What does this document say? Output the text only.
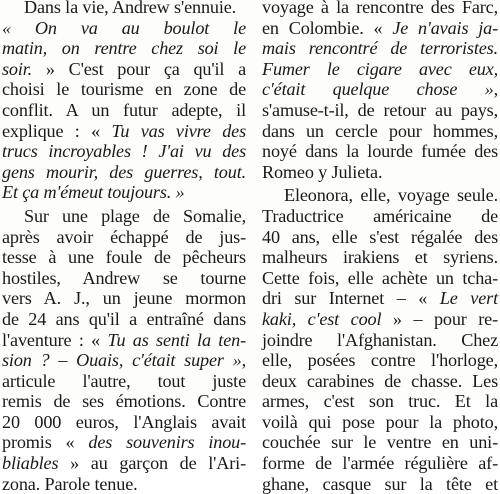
Dans la vie, Andrew s'ennuie.
« On va au boulot le
matin, on rentre chez soi le
soir. » C'est pour ça qu'il a
choisi le tourisme en zone de
conflit. A un futur adepte, il
explique : « Tu vas vivre des
trucs incroyables ! J'ai vu des
gens mourir, des guerres, tout.
Et ça m'émeut toujours. »
Sur une plage de Somalie,
après avoir échappé de jus-
tesse à une foule de pêcheurs
hostiles, Andrew se tourne
vers A. J., un jeune mormon
de 24 ans qu'il a entraîné dans
l'aventure : « Tu as senti la ten-
sion ? – Ouais, c'était super »,
articule l'autre, tout juste
remis de ses émotions. Contre
20 000 euros, l'Anglais avait
promis « des souvenirs inou-
bliables » au garçon de l'Ari-
zona. Parole tenue.
voyage à la rencontre des Farc,
en Colombie. « Je n'avais ja-
mais rencontré de terroristes.
Fumer le cigare avec eux,
c'était quelque chose »,
s'amuse-t-il, de retour au pays,
dans un cercle pour hommes,
noyé dans la lourde fumée des
Romeo y Julieta.
Eleonora, elle, voyage seule.
Traductrice américaine de
40 ans, elle s'est régalée des
malheurs irakiens et syriens.
Cette fois, elle achète un tcha-
dri sur Internet – « Le vert
kaki, c'est cool » – pour re-
joindre l'Afghanistan. Chez
elle, posées contre l'horloge,
deux carabines de chasse. Les
armes, c'est son truc. Et la
voilà qui pose pour la photo,
couchée sur le ventre en uni-
forme de l'armée régulière af-
ghane, casque sur la tête et
